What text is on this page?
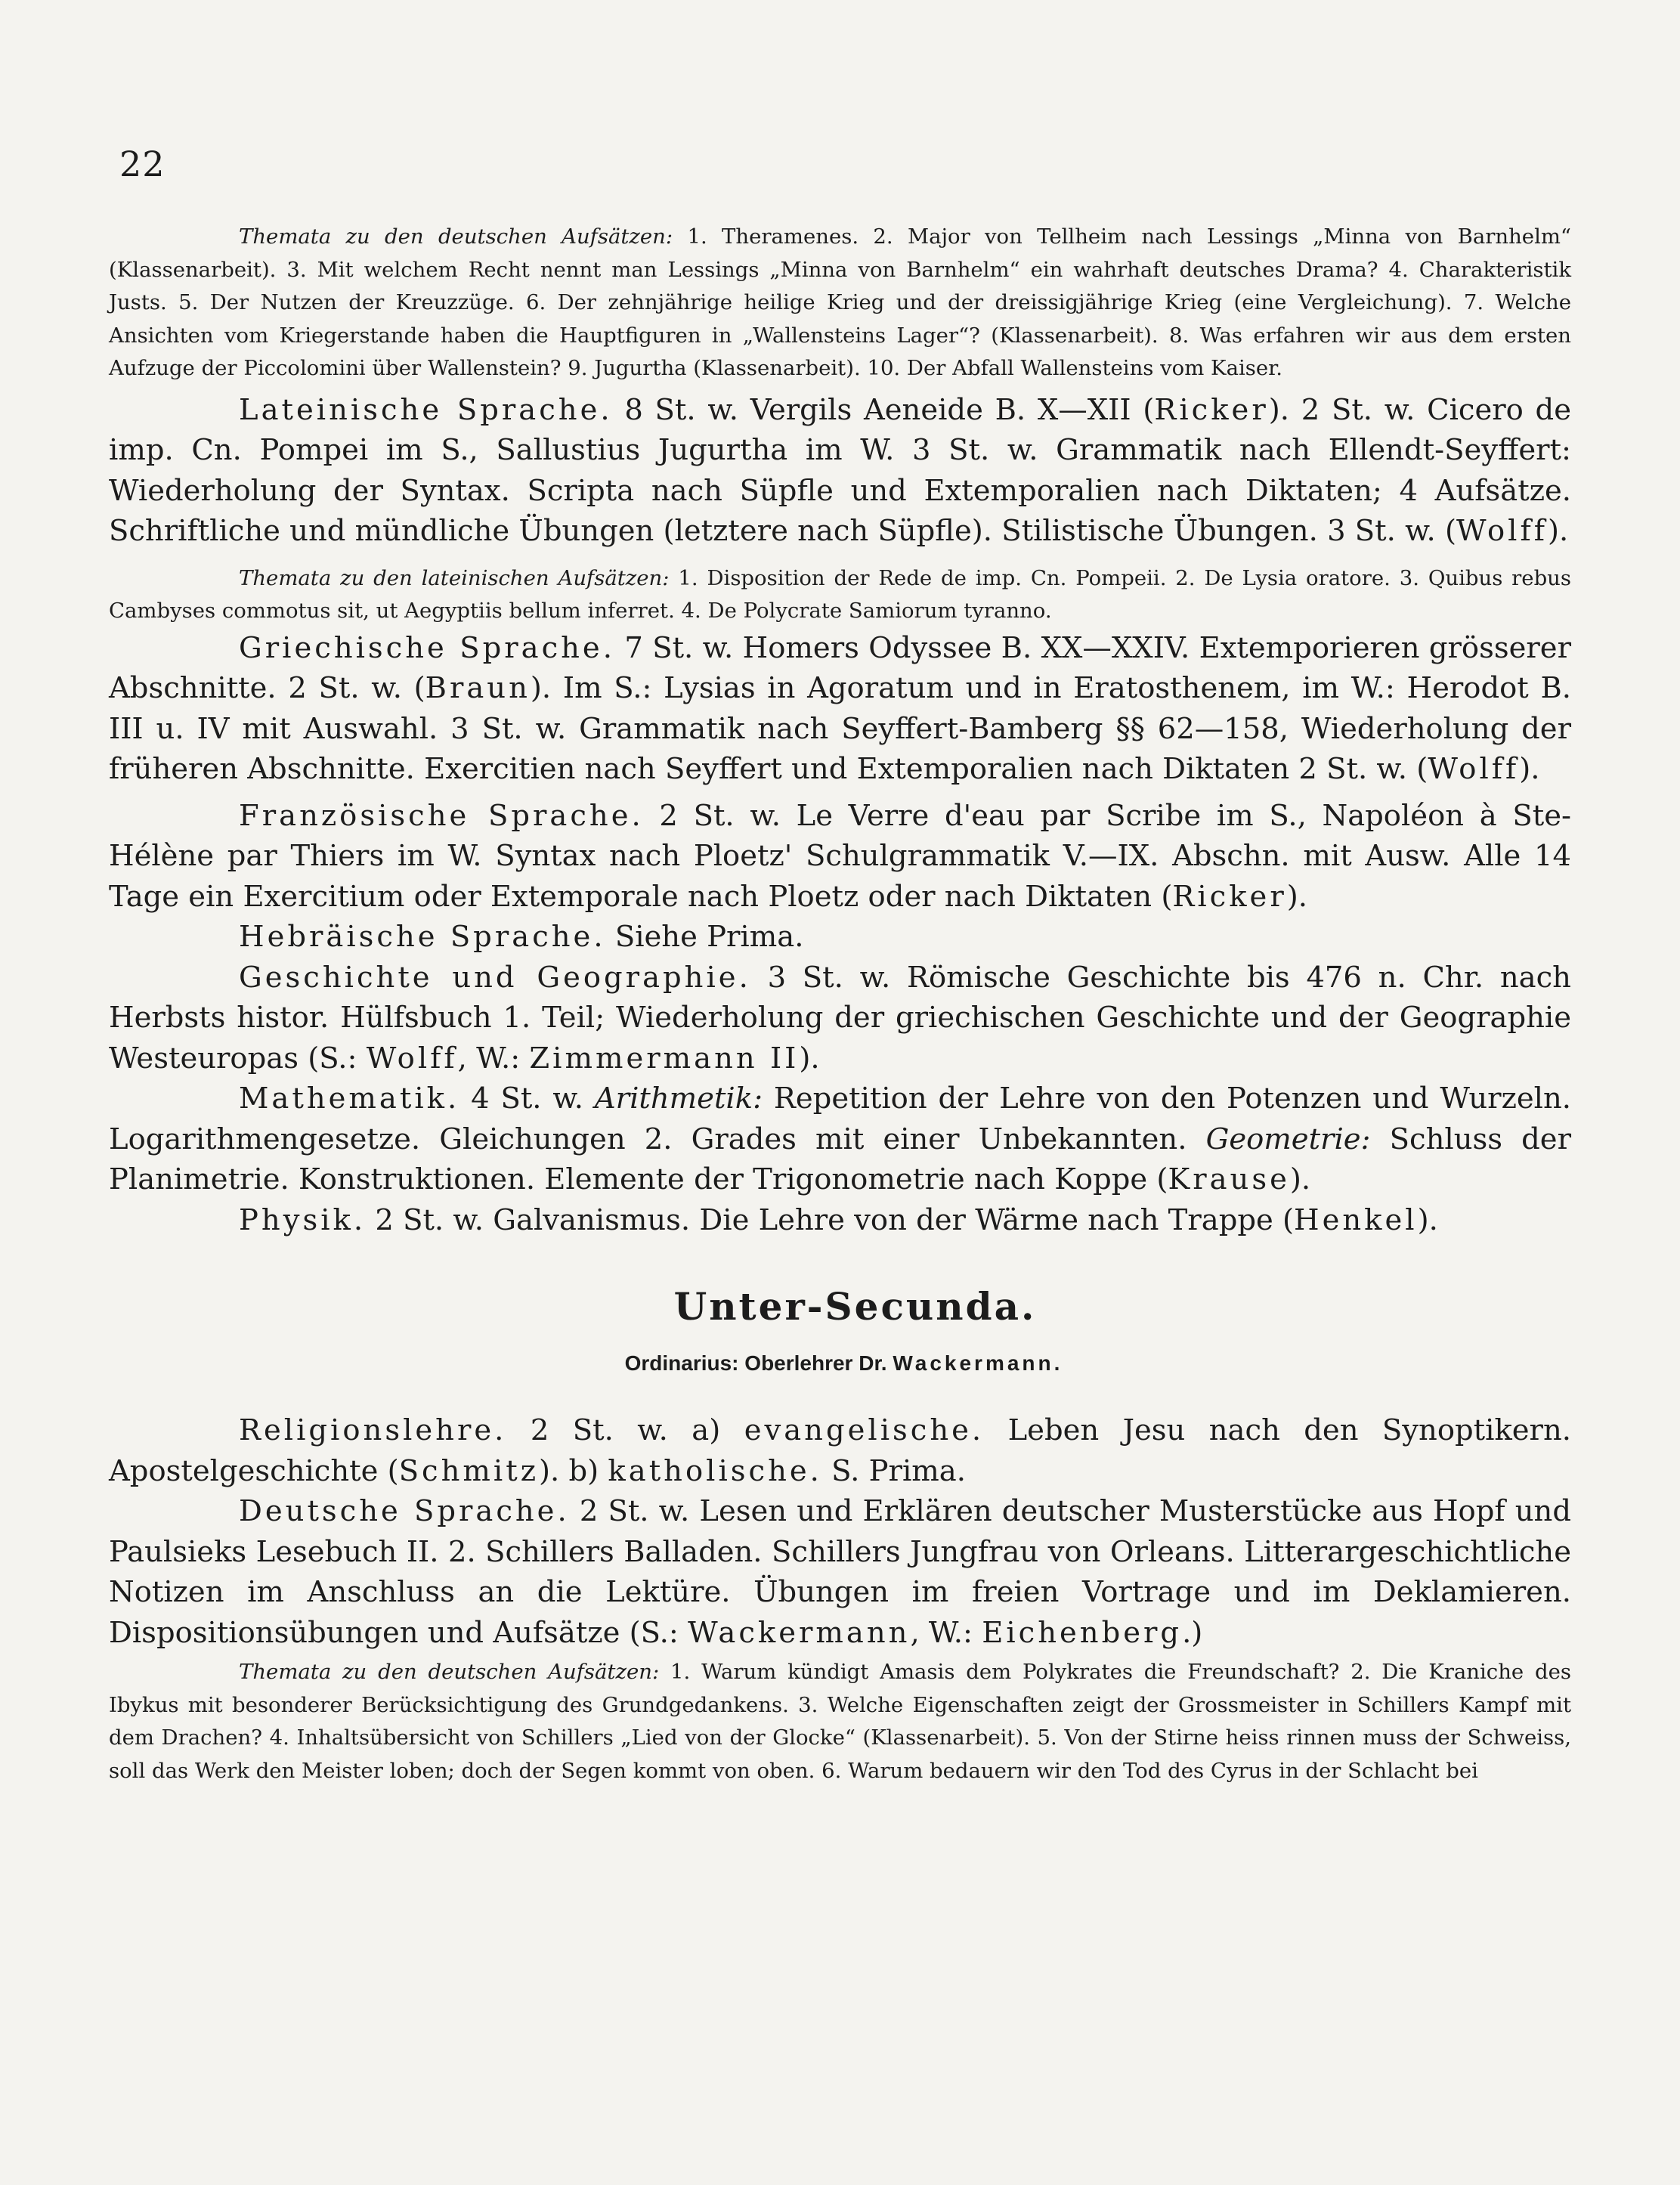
22

Themata zu den deutschen Aufsätzen: 1. Theramenes. 2. Major von Tellheim nach Lessings „Minna von Barnhelm“ (Klassenarbeit). 3. Mit welchem Recht nennt man Lessings „Minna von Barnhelm“ ein wahrhaft deutsches Drama? 4. Charakteristik Justs. 5. Der Nutzen der Kreuzzüge. 6. Der zehnjährige heilige Krieg und der dreissigjährige Krieg (eine Vergleichung). 7. Welche Ansichten vom Kriegerstande haben die Hauptfiguren in „Wallensteins Lager“? (Klassenarbeit). 8. Was erfahren wir aus dem ersten Aufzuge der Piccolomini über Wallenstein? 9. Jugurtha (Klassenarbeit). 10. Der Abfall Wallensteins vom Kaiser.

Lateinische Sprache. 8 St. w. Vergils Aeneide B. X—XII (Ricker). 2 St. w. Cicero de imp. Cn. Pompei im S., Sallustius Jugurtha im W. 3 St. w. Grammatik nach Ellendt-Seyffert: Wiederholung der Syntax. Scripta nach Süpfle und Extemporalien nach Diktaten; 4 Aufsätze. Schriftliche und mündliche Übungen (letztere nach Süpfle). Stilistische Übungen. 3 St. w. (Wolff).

Themata zu den lateinischen Aufsätzen: 1. Disposition der Rede de imp. Cn. Pompeii. 2. De Lysia oratore. 3. Quibus rebus Cambyses commotus sit, ut Aegyptiis bellum inferret. 4. De Polycrate Samiorum tyranno.

Griechische Sprache. 7 St. w. Homers Odyssee B. XX—XXIV. Extemporieren grösserer Abschnitte. 2 St. w. (Braun). Im S.: Lysias in Agoratum und in Eratosthenem, im W.: Herodot B. III u. IV mit Auswahl. 3 St. w. Grammatik nach Seyffert-Bamberg §§ 62—158, Wiederholung der früheren Abschnitte. Exercitien nach Seyffert und Extemporalien nach Diktaten 2 St. w. (Wolff).

Französische Sprache. 2 St. w. Le Verre d'eau par Scribe im S., Napoléon à Ste-Hélène par Thiers im W. Syntax nach Ploetz' Schulgrammatik V.—IX. Abschn. mit Ausw. Alle 14 Tage ein Exercitium oder Extemporale nach Ploetz oder nach Diktaten (Ricker).

Hebräische Sprache. Siehe Prima.

Geschichte und Geographie. 3 St. w. Römische Geschichte bis 476 n. Chr. nach Herbsts histor. Hülfsbuch 1. Teil; Wiederholung der griechischen Geschichte und der Geographie Westeuropas (S.: Wolff, W.: Zimmermann II).

Mathematik. 4 St. w. Arithmetik: Repetition der Lehre von den Potenzen und Wurzeln. Logarithmengesetze. Gleichungen 2. Grades mit einer Unbekannten. Geometrie: Schluss der Planimetrie. Konstruktionen. Elemente der Trigonometrie nach Koppe (Krause).

Physik. 2 St. w. Galvanismus. Die Lehre von der Wärme nach Trappe (Henkel).

Unter-Secunda.
Ordinarius: Oberlehrer Dr. Wackermann.

Religionslehre. 2 St. w. a) evangelische. Leben Jesu nach den Synoptikern. Apostelgeschichte (Schmitz). b) katholische. S. Prima.

Deutsche Sprache. 2 St. w. Lesen und Erklären deutscher Musterstücke aus Hopf und Paulsieks Lesebuch II. 2. Schillers Balladen. Schillers Jungfrau von Orleans. Litterargeschichtliche Notizen im Anschluss an die Lektüre. Übungen im freien Vortrage und im Deklamieren. Dispositionsübungen und Aufsätze (S.: Wackermann, W.: Eichenberg.)

Themata zu den deutschen Aufsätzen: 1. Warum kündigt Amasis dem Polykrates die Freundschaft? 2. Die Kraniche des Ibykus mit besonderer Berücksichtigung des Grundgedankens. 3. Welche Eigenschaften zeigt der Grossmeister in Schillers Kampf mit dem Drachen? 4. Inhaltsübersicht von Schillers „Lied von der Glocke“ (Klassenarbeit). 5. Von der Stirne heiss rinnen muss der Schweiss, soll das Werk den Meister loben; doch der Segen kommt von oben. 6. Warum bedauern wir den Tod des Cyrus in der Schlacht bei
